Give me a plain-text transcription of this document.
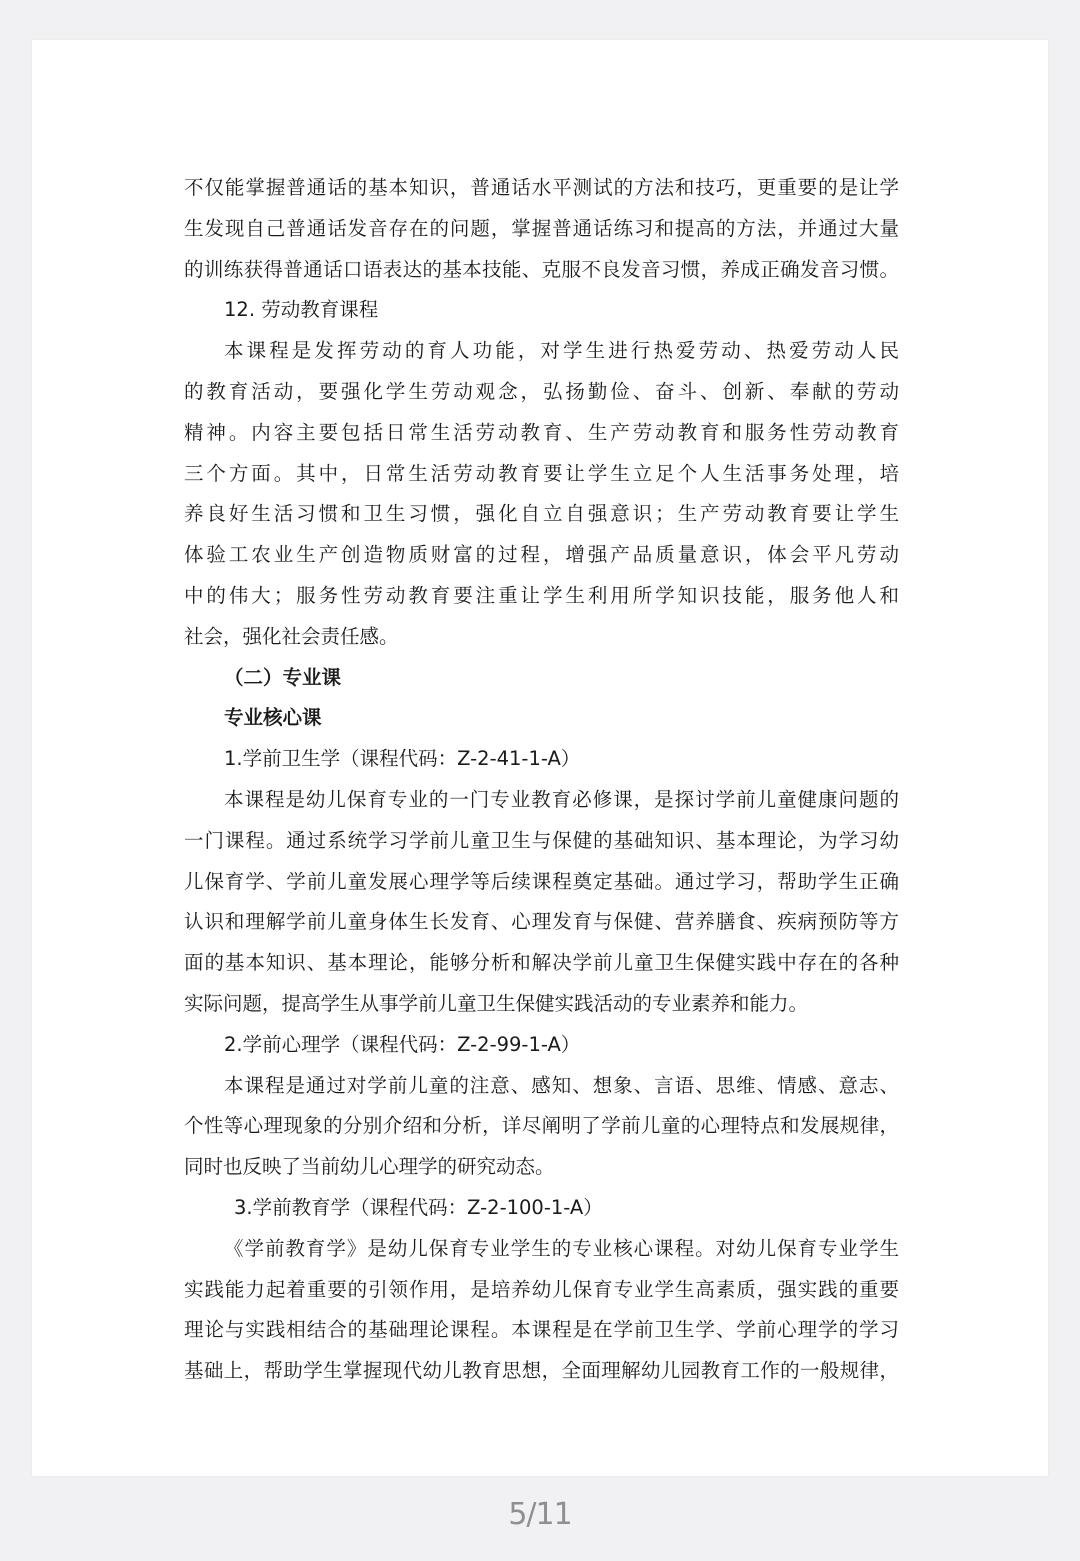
不仅能掌握普通话的基本知识，普通话水平测试的方法和技巧，更重要的是让学
生发现自己普通话发音存在的问题，掌握普通话练习和提高的方法，并通过大量
的训练获得普通话口语表达的基本技能、克服不良发音习惯，养成正确发音习惯。
12. 劳动教育课程
本课程是发挥劳动的育人功能，对学生进行热爱劳动、热爱劳动人民
的教育活动，要强化学生劳动观念，弘扬勤俭、奋斗、创新、奉献的劳动
精神。内容主要包括日常生活劳动教育、生产劳动教育和服务性劳动教育
三个方面。其中，日常生活劳动教育要让学生立足个人生活事务处理，培
养良好生活习惯和卫生习惯，强化自立自强意识；生产劳动教育要让学生
体验工农业生产创造物质财富的过程，增强产品质量意识，体会平凡劳动
中的伟大；服务性劳动教育要注重让学生利用所学知识技能，服务他人和
社会，强化社会责任感。
（二）专业课
专业核心课
1.学前卫生学（课程代码：Z-2-41-1-A）
本课程是幼儿保育专业的一门专业教育必修课，是探讨学前儿童健康问题的
一门课程。通过系统学习学前儿童卫生与保健的基础知识、基本理论，为学习幼
儿保育学、学前儿童发展心理学等后续课程奠定基础。通过学习，帮助学生正确
认识和理解学前儿童身体生长发育、心理发育与保健、营养膳食、疾病预防等方
面的基本知识、基本理论，能够分析和解决学前儿童卫生保健实践中存在的各种
实际问题，提高学生从事学前儿童卫生保健实践活动的专业素养和能力。
2.学前心理学（课程代码：Z-2-99-1-A）
本课程是通过对学前儿童的注意、感知、想象、言语、思维、情感、意志、
个性等心理现象的分别介绍和分析，详尽阐明了学前儿童的心理特点和发展规律，
同时也反映了当前幼儿心理学的研究动态。
3.学前教育学（课程代码：Z-2-100-1-A）
《学前教育学》是幼儿保育专业学生的专业核心课程。对幼儿保育专业学生
实践能力起着重要的引领作用，是培养幼儿保育专业学生高素质，强实践的重要
理论与实践相结合的基础理论课程。本课程是在学前卫生学、学前心理学的学习
基础上，帮助学生掌握现代幼儿教育思想，全面理解幼儿园教育工作的一般规律，
5/11
